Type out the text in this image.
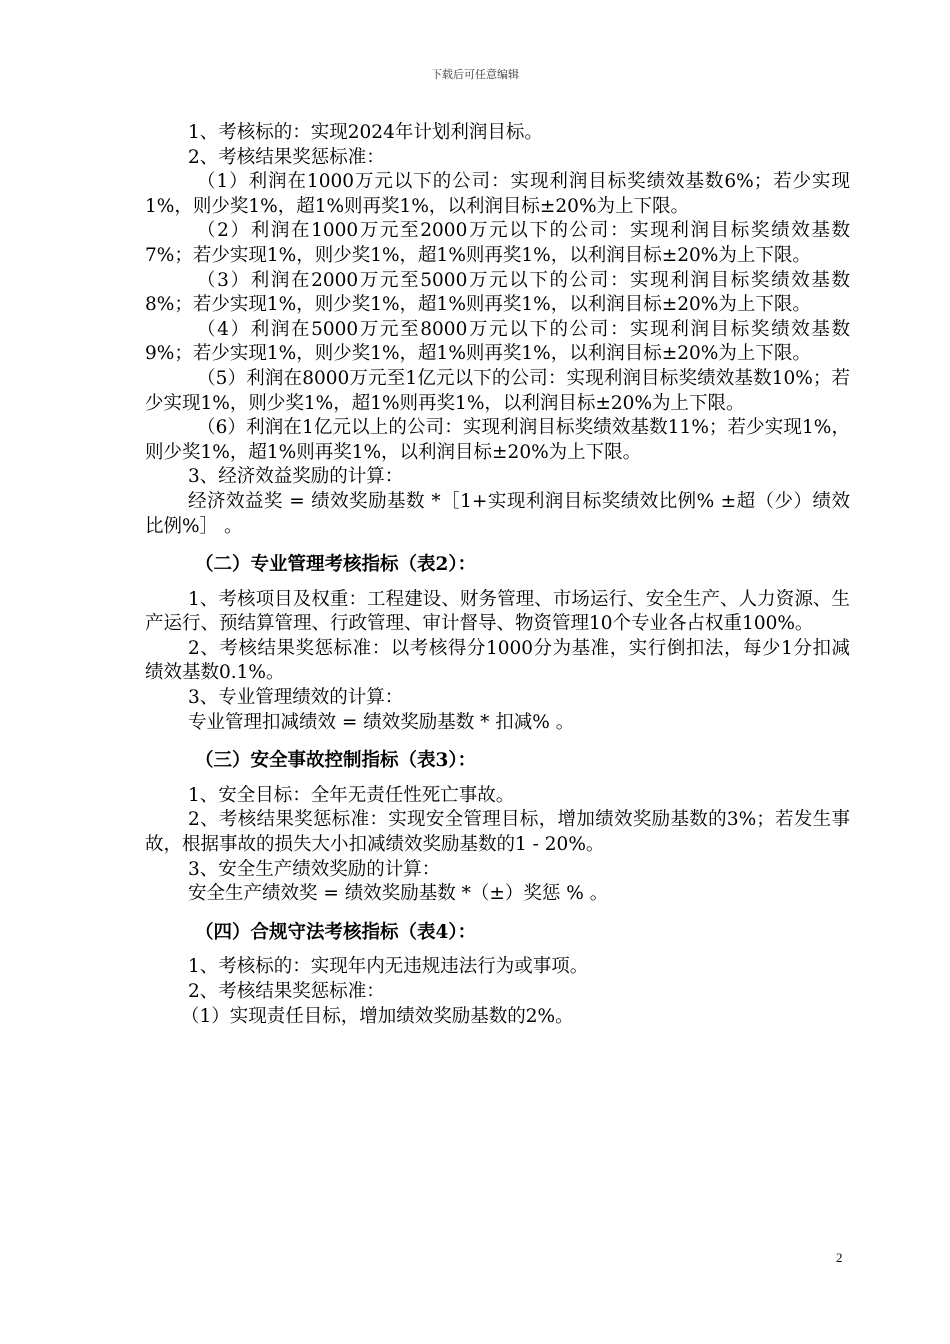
下载后可任意编辑

1、考核标的：实现2024年计划利润目标。

2、考核结果奖惩标准：

（1）利润在1000万元以下的公司：实现利润目标奖绩效基数6%；若少实现1%，则少奖1%，超1%则再奖1%，以利润目标±20%为上下限。

（2）利润在1000万元至2000万元以下的公司：实现利润目标奖绩效基数7%；若少实现1%，则少奖1%，超1%则再奖1%，以利润目标±20%为上下限。

（3）利润在2000万元至5000万元以下的公司：实现利润目标奖绩效基数8%；若少实现1%，则少奖1%，超1%则再奖1%，以利润目标±20%为上下限。

（4）利润在5000万元至8000万元以下的公司：实现利润目标奖绩效基数9%；若少实现1%，则少奖1%，超1%则再奖1%，以利润目标±20%为上下限。

（5）利润在8000万元至1亿元以下的公司：实现利润目标奖绩效基数10%；若少实现1%，则少奖1%，超1%则再奖1%，以利润目标±20%为上下限。

（6）利润在1亿元以上的公司：实现利润目标奖绩效基数11%；若少实现1%，则少奖1%，超1%则再奖1%，以利润目标±20%为上下限。

3、经济效益奖励的计算：

经济效益奖 = 绩效奖励基数 *［1+实现利润目标奖绩效比例% ±超（少）绩效比例%］ 。

（二）专业管理考核指标（表2）：

1、考核项目及权重：工程建设、财务管理、市场运行、安全生产、人力资源、生产运行、预结算管理、行政管理、审计督导、物资管理10个专业各占权重100%。

2、考核结果奖惩标准：以考核得分1000分为基准，实行倒扣法，每少1分扣减绩效基数0.1%。

3、专业管理绩效的计算：

专业管理扣减绩效 = 绩效奖励基数 * 扣减% 。

（三）安全事故控制指标（表3）：

1、安全目标：全年无责任性死亡事故。

2、考核结果奖惩标准：实现安全管理目标，增加绩效奖励基数的3%；若发生事故，根据事故的损失大小扣减绩效奖励基数的1 - 20%。

3、安全生产绩效奖励的计算：

安全生产绩效奖 = 绩效奖励基数 *（±）奖惩 % 。

（四）合规守法考核指标（表4）：

1、考核标的：实现年内无违规违法行为或事项。

2、考核结果奖惩标准：

（1）实现责任目标，增加绩效奖励基数的2%。

2
